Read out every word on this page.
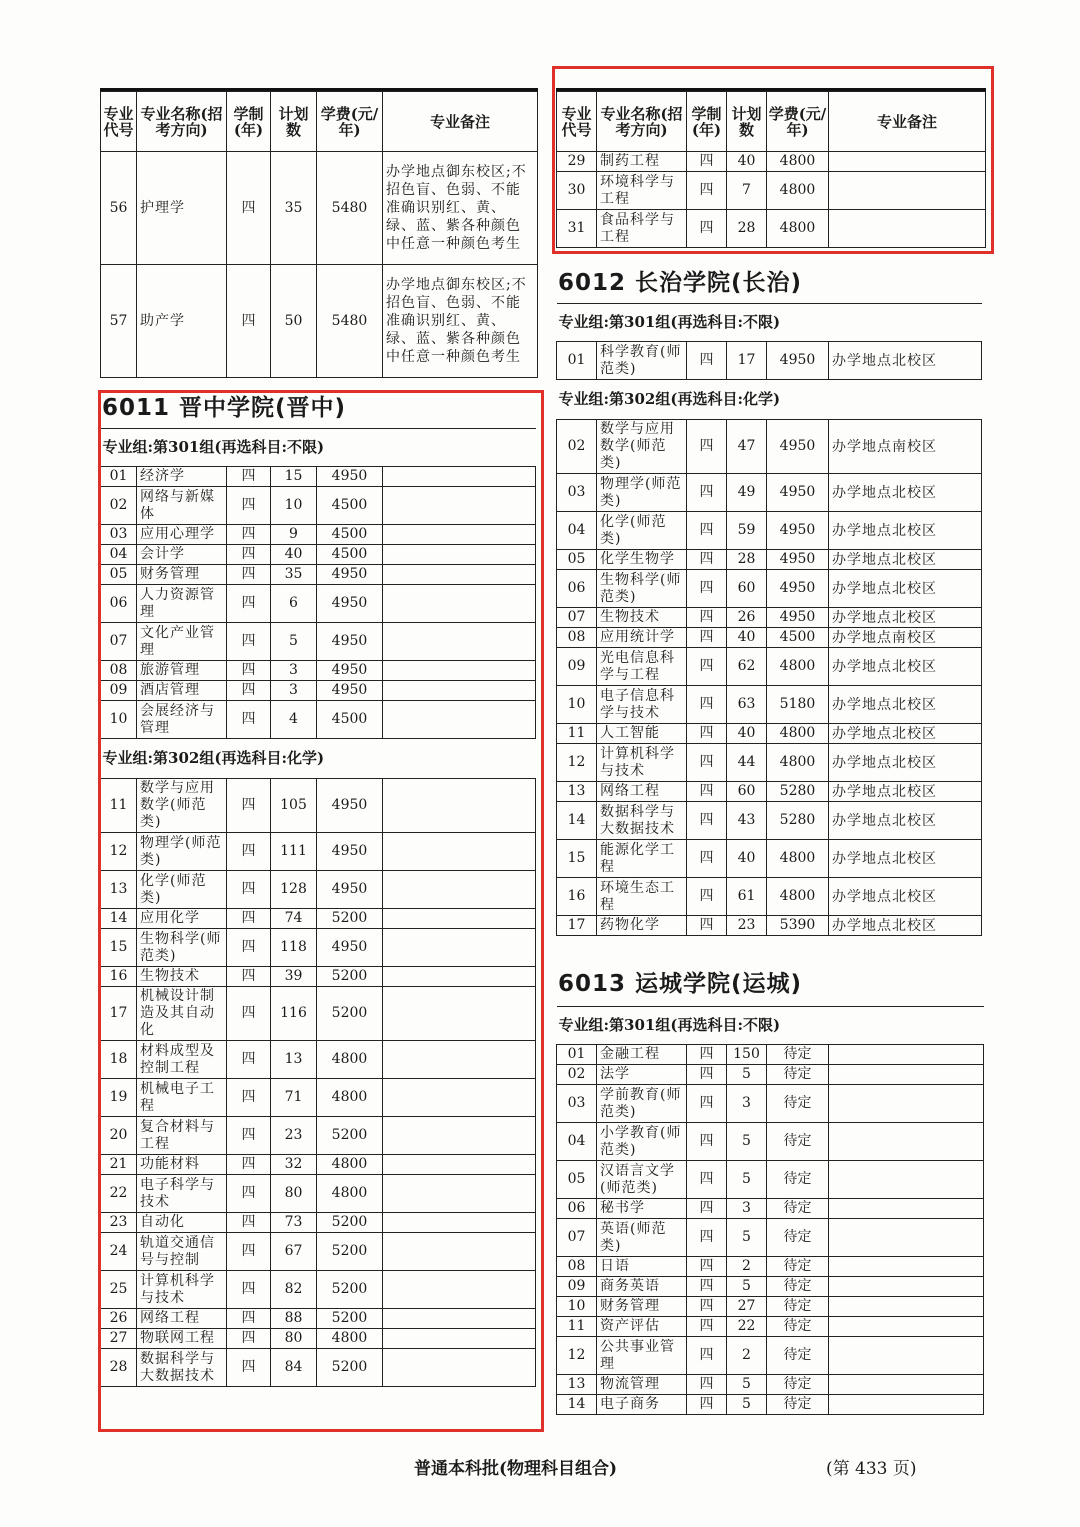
专业代号	专业名称(招考方向)	学制(年)	计划数	学费(元/年)	专业备注
56	护理学	四	35	5480	办学地点御东校区;不招色盲、色弱、不能准确识别红、黄、绿、蓝、紫各种颜色中任意一种颜色考生
57	助产学	四	50	5480	办学地点御东校区;不招色盲、色弱、不能准确识别红、黄、绿、蓝、紫各种颜色中任意一种颜色考生
6011 晋中学院(晋中)
专业组:第301组(再选科目:不限)					
01	经济学	四	15	4950	
02	网络与新媒体	四	10	4500	
03	应用心理学	四	9	4500	
04	会计学	四	40	4500	
05	财务管理	四	35	4950	
06	人力资源管理	四	6	4950	
07	文化产业管理	四	5	4950	
08	旅游管理	四	3	4950	
09	酒店管理	四	3	4950	
10	会展经济与管理	四	4	4500	
专业组:第302组(再选科目:化学)					
11	数学与应用数学(师范类)	四	105	4950	
12	物理学(师范类)	四	111	4950	
13	化学(师范类)	四	128	4950	
14	应用化学	四	74	5200	
15	生物科学(师范类)	四	118	4950	
16	生物技术	四	39	5200	
17	机械设计制造及其自动化	四	116	5200	
18	材料成型及控制工程	四	13	4800	
19	机械电子工程	四	71	4800	
20	复合材料与工程	四	23	5200	
21	功能材料	四	32	4800	
22	电子科学与技术	四	80	4800	
23	自动化	四	73	5200	
24	轨道交通信号与控制	四	67	5200	
25	计算机科学与技术	四	82	5200	
26	网络工程	四	88	5200	
27	物联网工程	四	80	4800	
28	数据科学与大数据技术	四	84	5200	
专业代号	专业名称(招考方向)	学制(年)	计划数	学费(元/年)	专业备注
29	制药工程	四	40	4800	
30	环境科学与工程	四	7	4800	
31	食品科学与工程	四	28	4800	
6012 长治学院(长治)
专业组:第301组(再选科目:不限)					
01	科学教育(师范类)	四	17	4950	办学地点北校区
专业组:第302组(再选科目:化学)					
02	数学与应用数学(师范类)	四	47	4950	办学地点南校区
03	物理学(师范类)	四	49	4950	办学地点北校区
04	化学(师范类)	四	59	4950	办学地点北校区
05	化学生物学	四	28	4950	办学地点北校区
06	生物科学(师范类)	四	60	4950	办学地点北校区
07	生物技术	四	26	4950	办学地点北校区
08	应用统计学	四	40	4500	办学地点南校区
09	光电信息科学与工程	四	62	4800	办学地点北校区
10	电子信息科学与技术	四	63	5180	办学地点北校区
11	人工智能	四	40	4800	办学地点北校区
12	计算机科学与技术	四	44	4800	办学地点北校区
13	网络工程	四	60	5280	办学地点北校区
14	数据科学与大数据技术	四	43	5280	办学地点北校区
15	能源化学工程	四	40	4800	办学地点北校区
16	环境生态工程	四	61	4800	办学地点北校区
17	药物化学	四	23	5390	办学地点北校区
6013 运城学院(运城)
专业组:第301组(再选科目:不限)					
01	金融工程	四	150	待定	
02	法学	四	5	待定	
03	学前教育(师范类)	四	3	待定	
04	小学教育(师范类)	四	5	待定	
05	汉语言文学(师范类)	四	5	待定	
06	秘书学	四	3	待定	
07	英语(师范类)	四	5	待定	
08	日语	四	2	待定	
09	商务英语	四	5	待定	
10	财务管理	四	27	待定	
11	资产评估	四	22	待定	
12	公共事业管理	四	2	待定	
13	物流管理	四	5	待定	
14	电子商务	四	5	待定	
普通本科批(物理科目组合)	(第 433 页)
